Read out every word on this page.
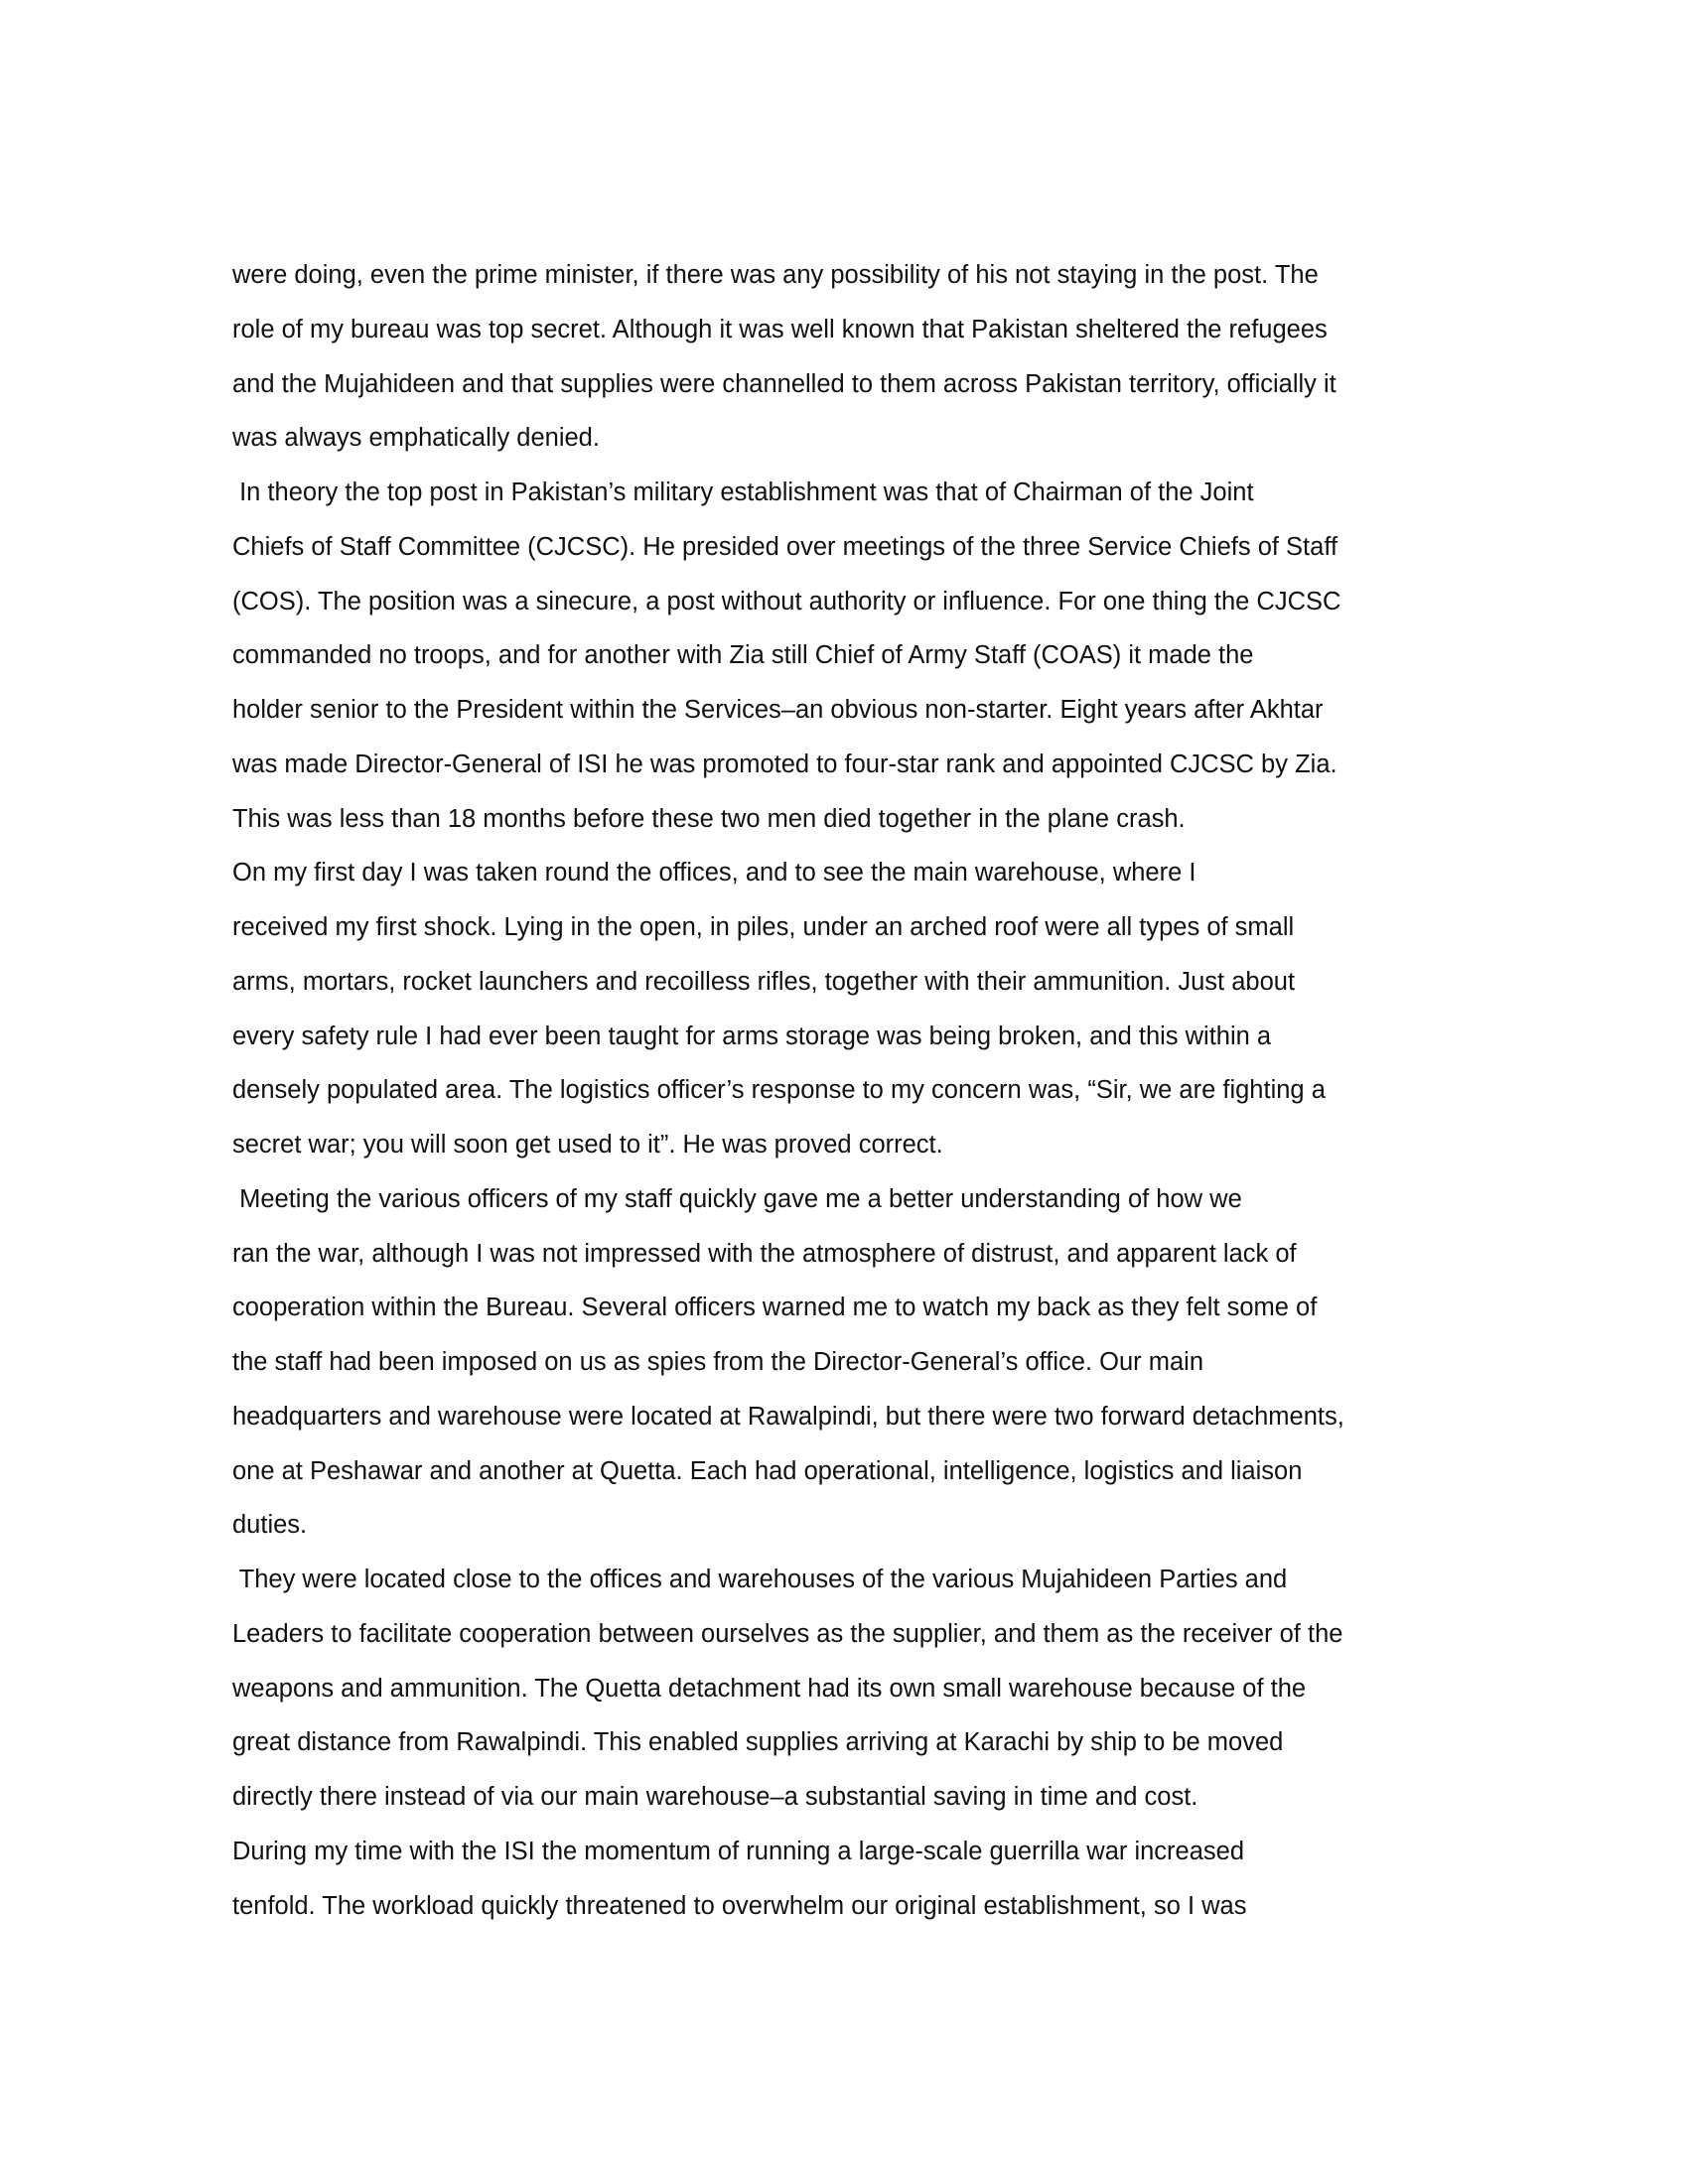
were doing, even the prime minister, if there was any possibility of his not staying in the post. The
role of my bureau was top secret. Although it was well known that Pakistan sheltered the refugees
and the Mujahideen and that supplies were channelled to them across Pakistan territory, officially it
was always emphatically denied.
In theory the top post in Pakistan’s military establishment was that of Chairman of the Joint
Chiefs of Staff Committee (CJCSC). He presided over meetings of the three Service Chiefs of Staff
(COS). The position was a sinecure, a post without authority or influence. For one thing the CJCSC
commanded no troops, and for another with Zia still Chief of Army Staff (COAS) it made the
holder senior to the President within the Services–an obvious non-starter. Eight years after Akhtar
was made Director-General of ISI he was promoted to four-star rank and appointed CJCSC by Zia.
This was less than 18 months before these two men died together in the plane crash.
On my first day I was taken round the offices, and to see the main warehouse, where I
received my first shock. Lying in the open, in piles, under an arched roof were all types of small
arms, mortars, rocket launchers and recoilless rifles, together with their ammunition. Just about
every safety rule I had ever been taught for arms storage was being broken, and this within a
densely populated area. The logistics officer’s response to my concern was, “Sir, we are fighting a
secret war; you will soon get used to it”. He was proved correct.
Meeting the various officers of my staff quickly gave me a better understanding of how we
ran the war, although I was not impressed with the atmosphere of distrust, and apparent lack of
cooperation within the Bureau. Several officers warned me to watch my back as they felt some of
the staff had been imposed on us as spies from the Director-General’s office. Our main
headquarters and warehouse were located at Rawalpindi, but there were two forward detachments,
one at Peshawar and another at Quetta. Each had operational, intelligence, logistics and liaison
duties.
They were located close to the offices and warehouses of the various Mujahideen Parties and
Leaders to facilitate cooperation between ourselves as the supplier, and them as the receiver of the
weapons and ammunition. The Quetta detachment had its own small warehouse because of the
great distance from Rawalpindi. This enabled supplies arriving at Karachi by ship to be moved
directly there instead of via our main warehouse–a substantial saving in time and cost.
During my time with the ISI the momentum of running a large-scale guerrilla war increased
tenfold. The workload quickly threatened to overwhelm our original establishment, so I was
